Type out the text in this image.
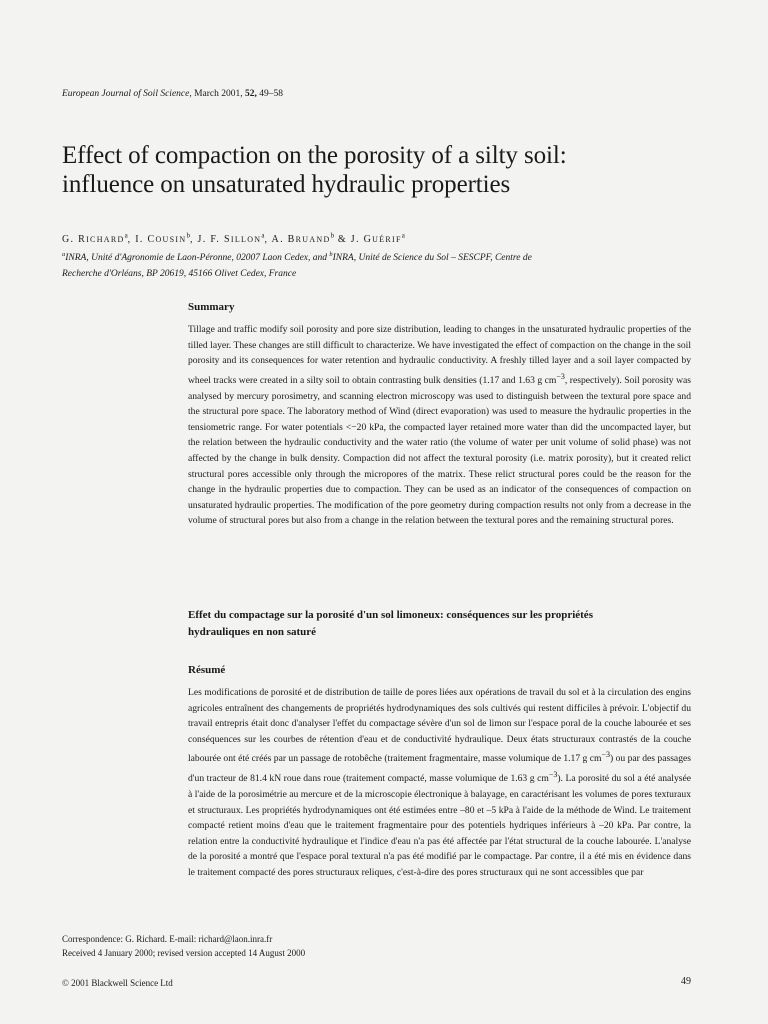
European Journal of Soil Science, March 2001, 52, 49–58
Effect of compaction on the porosity of a silty soil:
influence on unsaturated hydraulic properties
G. RICHARD$^a$, I. COUSIN$^b$, J. F. SILLON$^a$, A. BRUAND$^b$ & J. GUÉRIF$^a$
$^a$INRA, Unité d'Agronomie de Laon-Péronne, 02007 Laon Cedex, and $^b$INRA, Unité de Science du Sol – SESCPF, Centre de
Recherche d'Orléans, BP 20619, 45166 Olivet Cedex, France
Summary
Tillage and traffic modify soil porosity and pore size distribution, leading to changes in the unsaturated hydraulic properties of the tilled layer. These changes are still difficult to characterize. We have investigated the effect of compaction on the change in the soil porosity and its consequences for water retention and hydraulic conductivity. A freshly tilled layer and a soil layer compacted by wheel tracks were created in a silty soil to obtain contrasting bulk densities (1.17 and 1.63 g $cm^{-3}$, respectively). Soil porosity was analysed by mercury porosimetry, and scanning electron microscopy was used to distinguish between the textural pore space and the structural pore space. The laboratory method of Wind (direct evaporation) was used to measure the hydraulic properties in the tensiometric range. For water potentials <−20 kPa, the compacted layer retained more water than did the uncompacted layer, but the relation between the hydraulic conductivity and the water ratio (the volume of water per unit volume of solid phase) was not affected by the change in bulk density. Compaction did not affect the textural porosity (i.e. matrix porosity), but it created relict structural pores accessible only through the micropores of the matrix. These relict structural pores could be the reason for the change in the hydraulic properties due to compaction. They can be used as an indicator of the consequences of compaction on unsaturated hydraulic properties. The modification of the pore geometry during compaction results not only from a decrease in the volume of structural pores but also from a change in the relation between the textural pores and the remaining structural pores.
Effet du compactage sur la porosité d'un sol limoneux: conséquences sur les propriétés
hydrauliques en non saturé
Résumé
Les modifications de porosité et de distribution de taille de pores liées aux opérations de travail du sol et à la circulation des engins agricoles entraînent des changements de propriétés hydrodynamiques des sols cultivés qui restent difficiles à prévoir. L'objectif du travail entrepris était donc d'analyser l'effet du compactage sévère d'un sol de limon sur l'espace poral de la couche labourée et ses conséquences sur les courbes de rétention d'eau et de conductivité hydraulique. Deux états structuraux contrastés de la couche labourée ont été créés par un passage de rotobêche (traitement fragmentaire, masse volumique de 1.17 g $cm^{-3}$) ou par des passages d'un tracteur de 81.4 kN roue dans roue (traitement compacté, masse volumique de 1.63 g $cm^{-3}$). La porosité du sol a été analysée à l'aide de la porosimétrie au mercure et de la microscopie électronique à balayage, en caractérisant les volumes de pores texturaux et structuraux. Les propriétés hydrodynamiques ont été estimées entre –80 et –5 kPa à l'aide de la méthode de Wind. Le traitement compacté retient moins d'eau que le traitement fragmentaire pour des potentiels hydriques inférieurs à –20 kPa. Par contre, la relation entre la conductivité hydraulique et l'indice d'eau n'a pas été affectée par l'état structural de la couche labourée. L'analyse de la porosité a montré que l'espace poral textural n'a pas été modifié par le compactage. Par contre, il a été mis en évidence dans le traitement compacté des pores structuraux reliques, c'est-à-dire des pores structuraux qui ne sont accessibles que par
Correspondence: G. Richard. E-mail: richard@laon.inra.fr
Received 4 January 2000; revised version accepted 14 August 2000
© 2001 Blackwell Science Ltd	49
